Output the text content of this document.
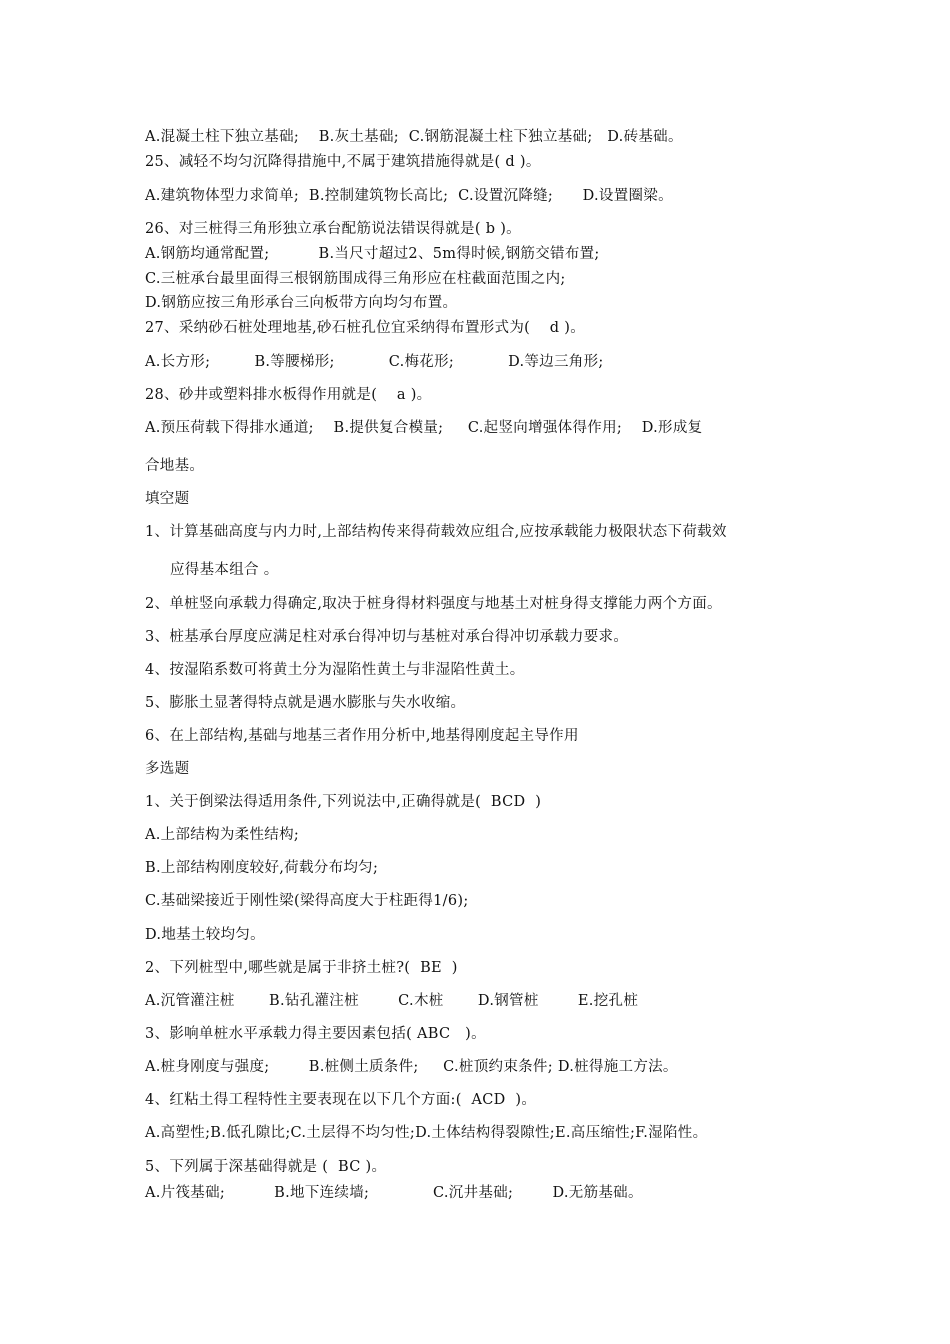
A.混凝土柱下独立基础;    B.灰土基础;  C.钢筋混凝土柱下独立基础;   D.砖基础。
25、减轻不均匀沉降得措施中,不属于建筑措施得就是( d )。
A.建筑物体型力求简单;  B.控制建筑物长高比;  C.设置沉降缝;      D.设置圈梁。
26、对三桩得三角形独立承台配筋说法错误得就是( b )。
A.钢筋均通常配置;          B.当尺寸超过2、5m得时候,钢筋交错布置;
C.三桩承台最里面得三根钢筋围成得三角形应在柱截面范围之内;
D.钢筋应按三角形承台三向板带方向均匀布置。
27、采纳砂石桩处理地基,砂石桩孔位宜采纳得布置形式为(    d )。
A.长方形;         B.等腰梯形;           C.梅花形;           D.等边三角形;
28、砂井或塑料排水板得作用就是(    a )。
A.预压荷载下得排水通道;    B.提供复合模量;     C.起竖向增强体得作用;    D.形成复
合地基。
填空题
1、计算基础高度与内力时,上部结构传来得荷载效应组合,应按承载能力极限状态下荷载效
应得基本组合 。
2、单桩竖向承载力得确定,取决于桩身得材料强度与地基土对桩身得支撑能力两个方面。
3、桩基承台厚度应满足柱对承台得冲切与基桩对承台得冲切承载力要求。
4、按湿陷系数可将黄土分为湿陷性黄土与非湿陷性黄土。
5、膨胀土显著得特点就是遇水膨胀与失水收缩。
6、在上部结构,基础与地基三者作用分析中,地基得刚度起主导作用
多选题
1、关于倒梁法得适用条件,下列说法中,正确得就是(  BCD  )
A.上部结构为柔性结构;
B.上部结构刚度较好,荷载分布均匀;
C.基础梁接近于刚性梁(梁得高度大于柱距得1/6);
D.地基土较均匀。
2、下列桩型中,哪些就是属于非挤土桩?(  BE  )
A.沉管灌注桩       B.钻孔灌注桩        C.木桩       D.钢管桩        E.挖孔桩
3、影响单桩水平承载力得主要因素包括( ABC   )。
A.桩身刚度与强度;        B.桩侧土质条件;     C.桩顶约束条件; D.桩得施工方法。
4、红粘土得工程特性主要表现在以下几个方面:(  ACD  )。
A.高塑性;B.低孔隙比;C.土层得不均匀性;D.土体结构得裂隙性;E.高压缩性;F.湿陷性。
5、下列属于深基础得就是 (  BC )。
A.片筏基础;          B.地下连续墙;             C.沉井基础;        D.无筋基础。
